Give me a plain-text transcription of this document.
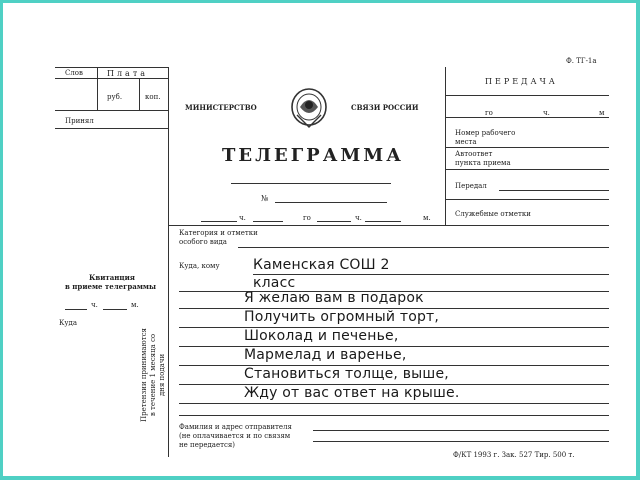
Ф. ТГ-1а
Слов	Плата
руб.	коп.
Принял
МИНИСТЕРСТВО	СВЯЗИ РОССИИ
ТЕЛЕГРАММА
№
ч.	го	ч.	м.
ПЕРЕДАЧА
го	ч.	м
Номер рабочего
места
Автоответ
пункта приема
Передал
Служебные отметки
Квитанция
в приеме телеграммы
ч.	м.
Куда
Претензии принимаются в течение 1 месяца со дня подачи
Категория и отметки
особого вида
Куда, кому Каменская СОШ 2
класс
Я желаю вам в подарок
Получить огромный торт,
Шоколад и печенье,
Мармелад и варенье,
Становиться толще, выше,
Жду от вас ответ на крыше.
Фамилия и адрес отправителя
(не оплачивается и по связям
не передается)
Ф/КТ 1993 г. Зак. 527 Тир. 500 т.
